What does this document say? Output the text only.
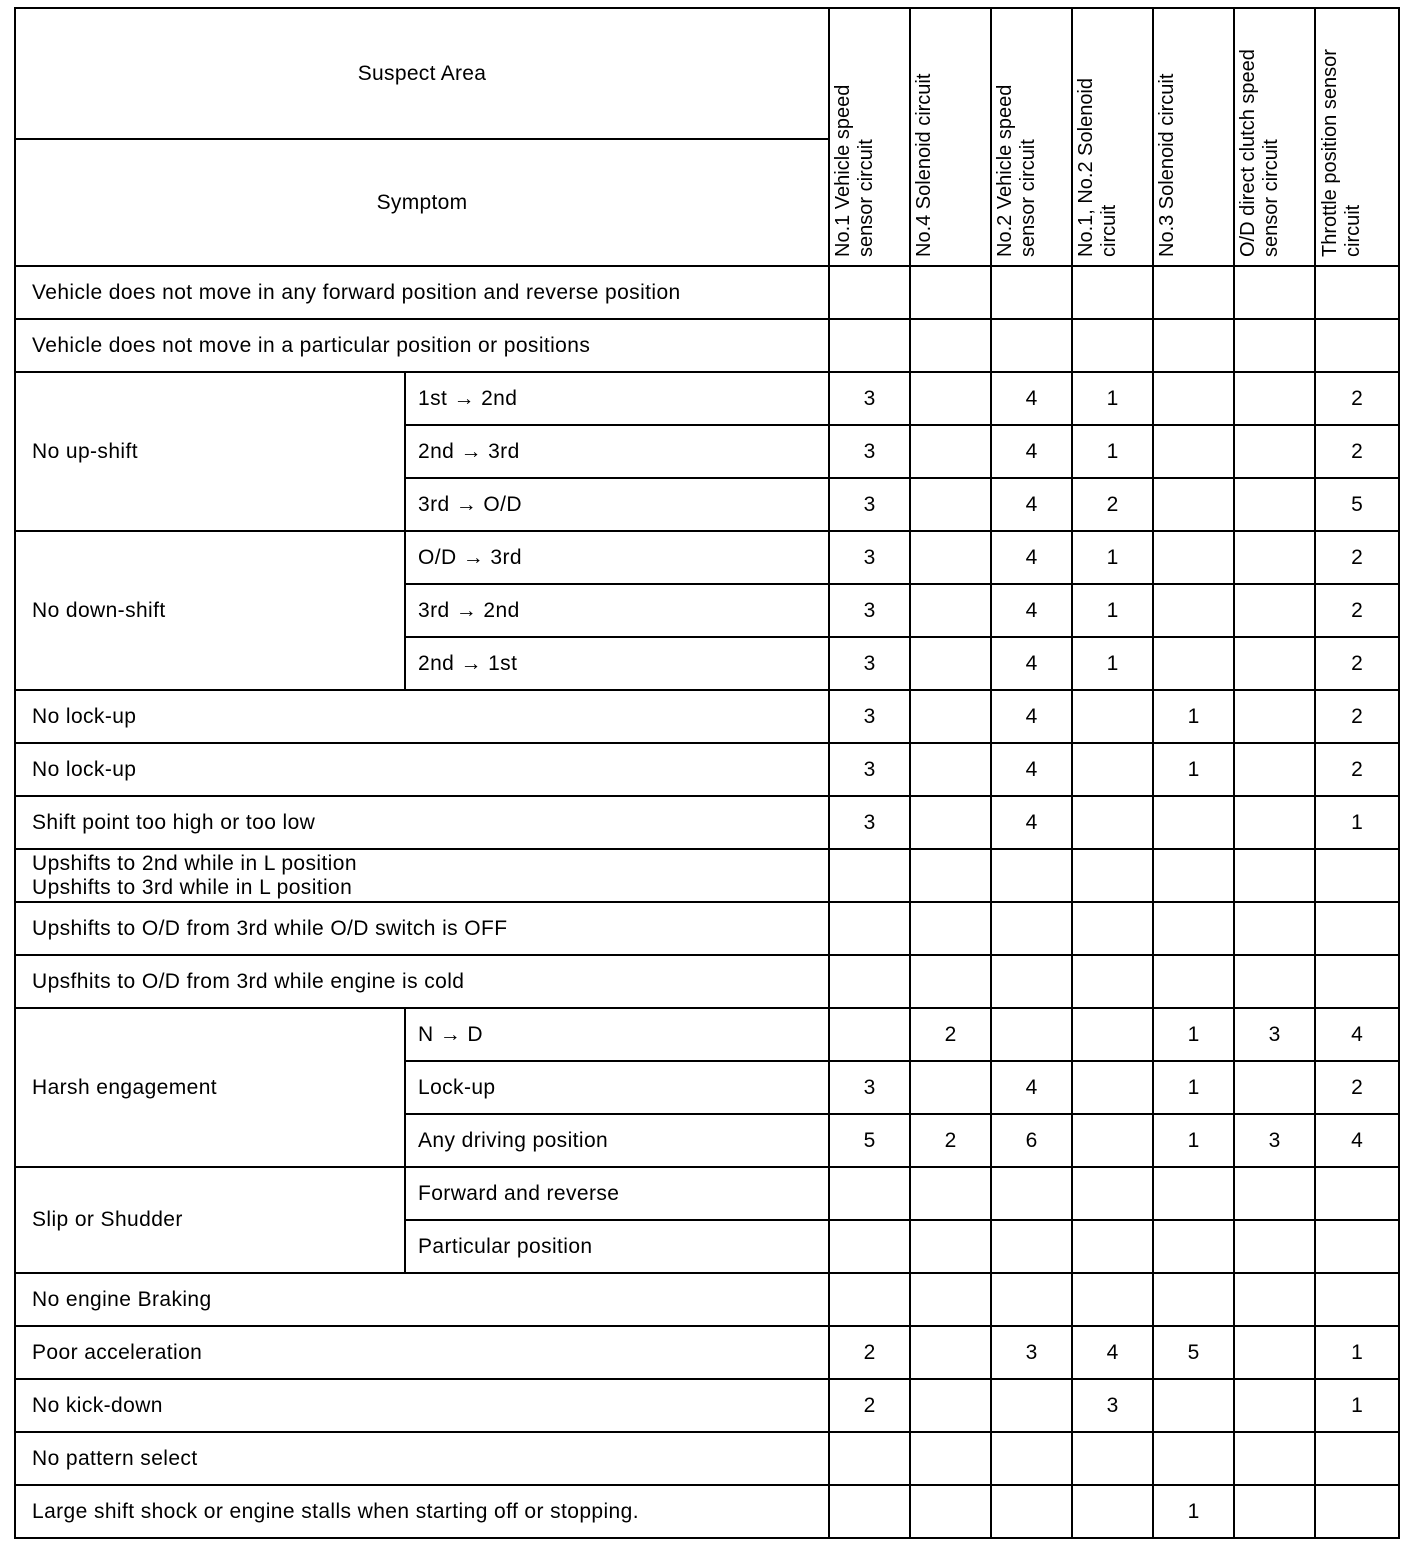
Suspect Area		No.1 Vehicle speed sensor circuit	No.4 Solenoid circuit	No.2 Vehicle speed sensor circuit	No.1, No.2 Solenoid circuit	No.3 Solenoid circuit	O/D direct clutch speed sensor circuit	Throttle position sensor circuit

Symptom								
Vehicle does not move in any forward position and reverse position								
Vehicle does not move in a particular position or positions								
No up-shift	1st → 2nd	3		4	1			2
	2nd → 3rd	3		4	1			2
	3rd → O/D	3		4	2			5
No down-shift	O/D → 3rd	3		4	1			2
	3rd → 2nd	3		4	1			2
	2nd → 1st	3		4	1			2
No lock-up		3		4		1		2
No lock-up		3		4		1		2
Shift point too high or too low		3		4				1

Upshifts to 2nd while in L position
Upshifts to 3rd while in L position								

Upshifts to O/D from 3rd while O/D switch is OFF								
Upsfhits to O/D from 3rd while engine is cold								
Harsh engagement	N → D		2			1	3	4
	Lock-up	3		4		1		2
	Any driving position	5	2	6		1	3	4
Slip or Shudder	Forward and reverse							
	Particular position							
No engine Braking								
Poor acceleration		2		3	4	5		1
No kick-down		2			3			1
No pattern select								
Large shift shock or engine stalls when starting off or stopping.						1		
